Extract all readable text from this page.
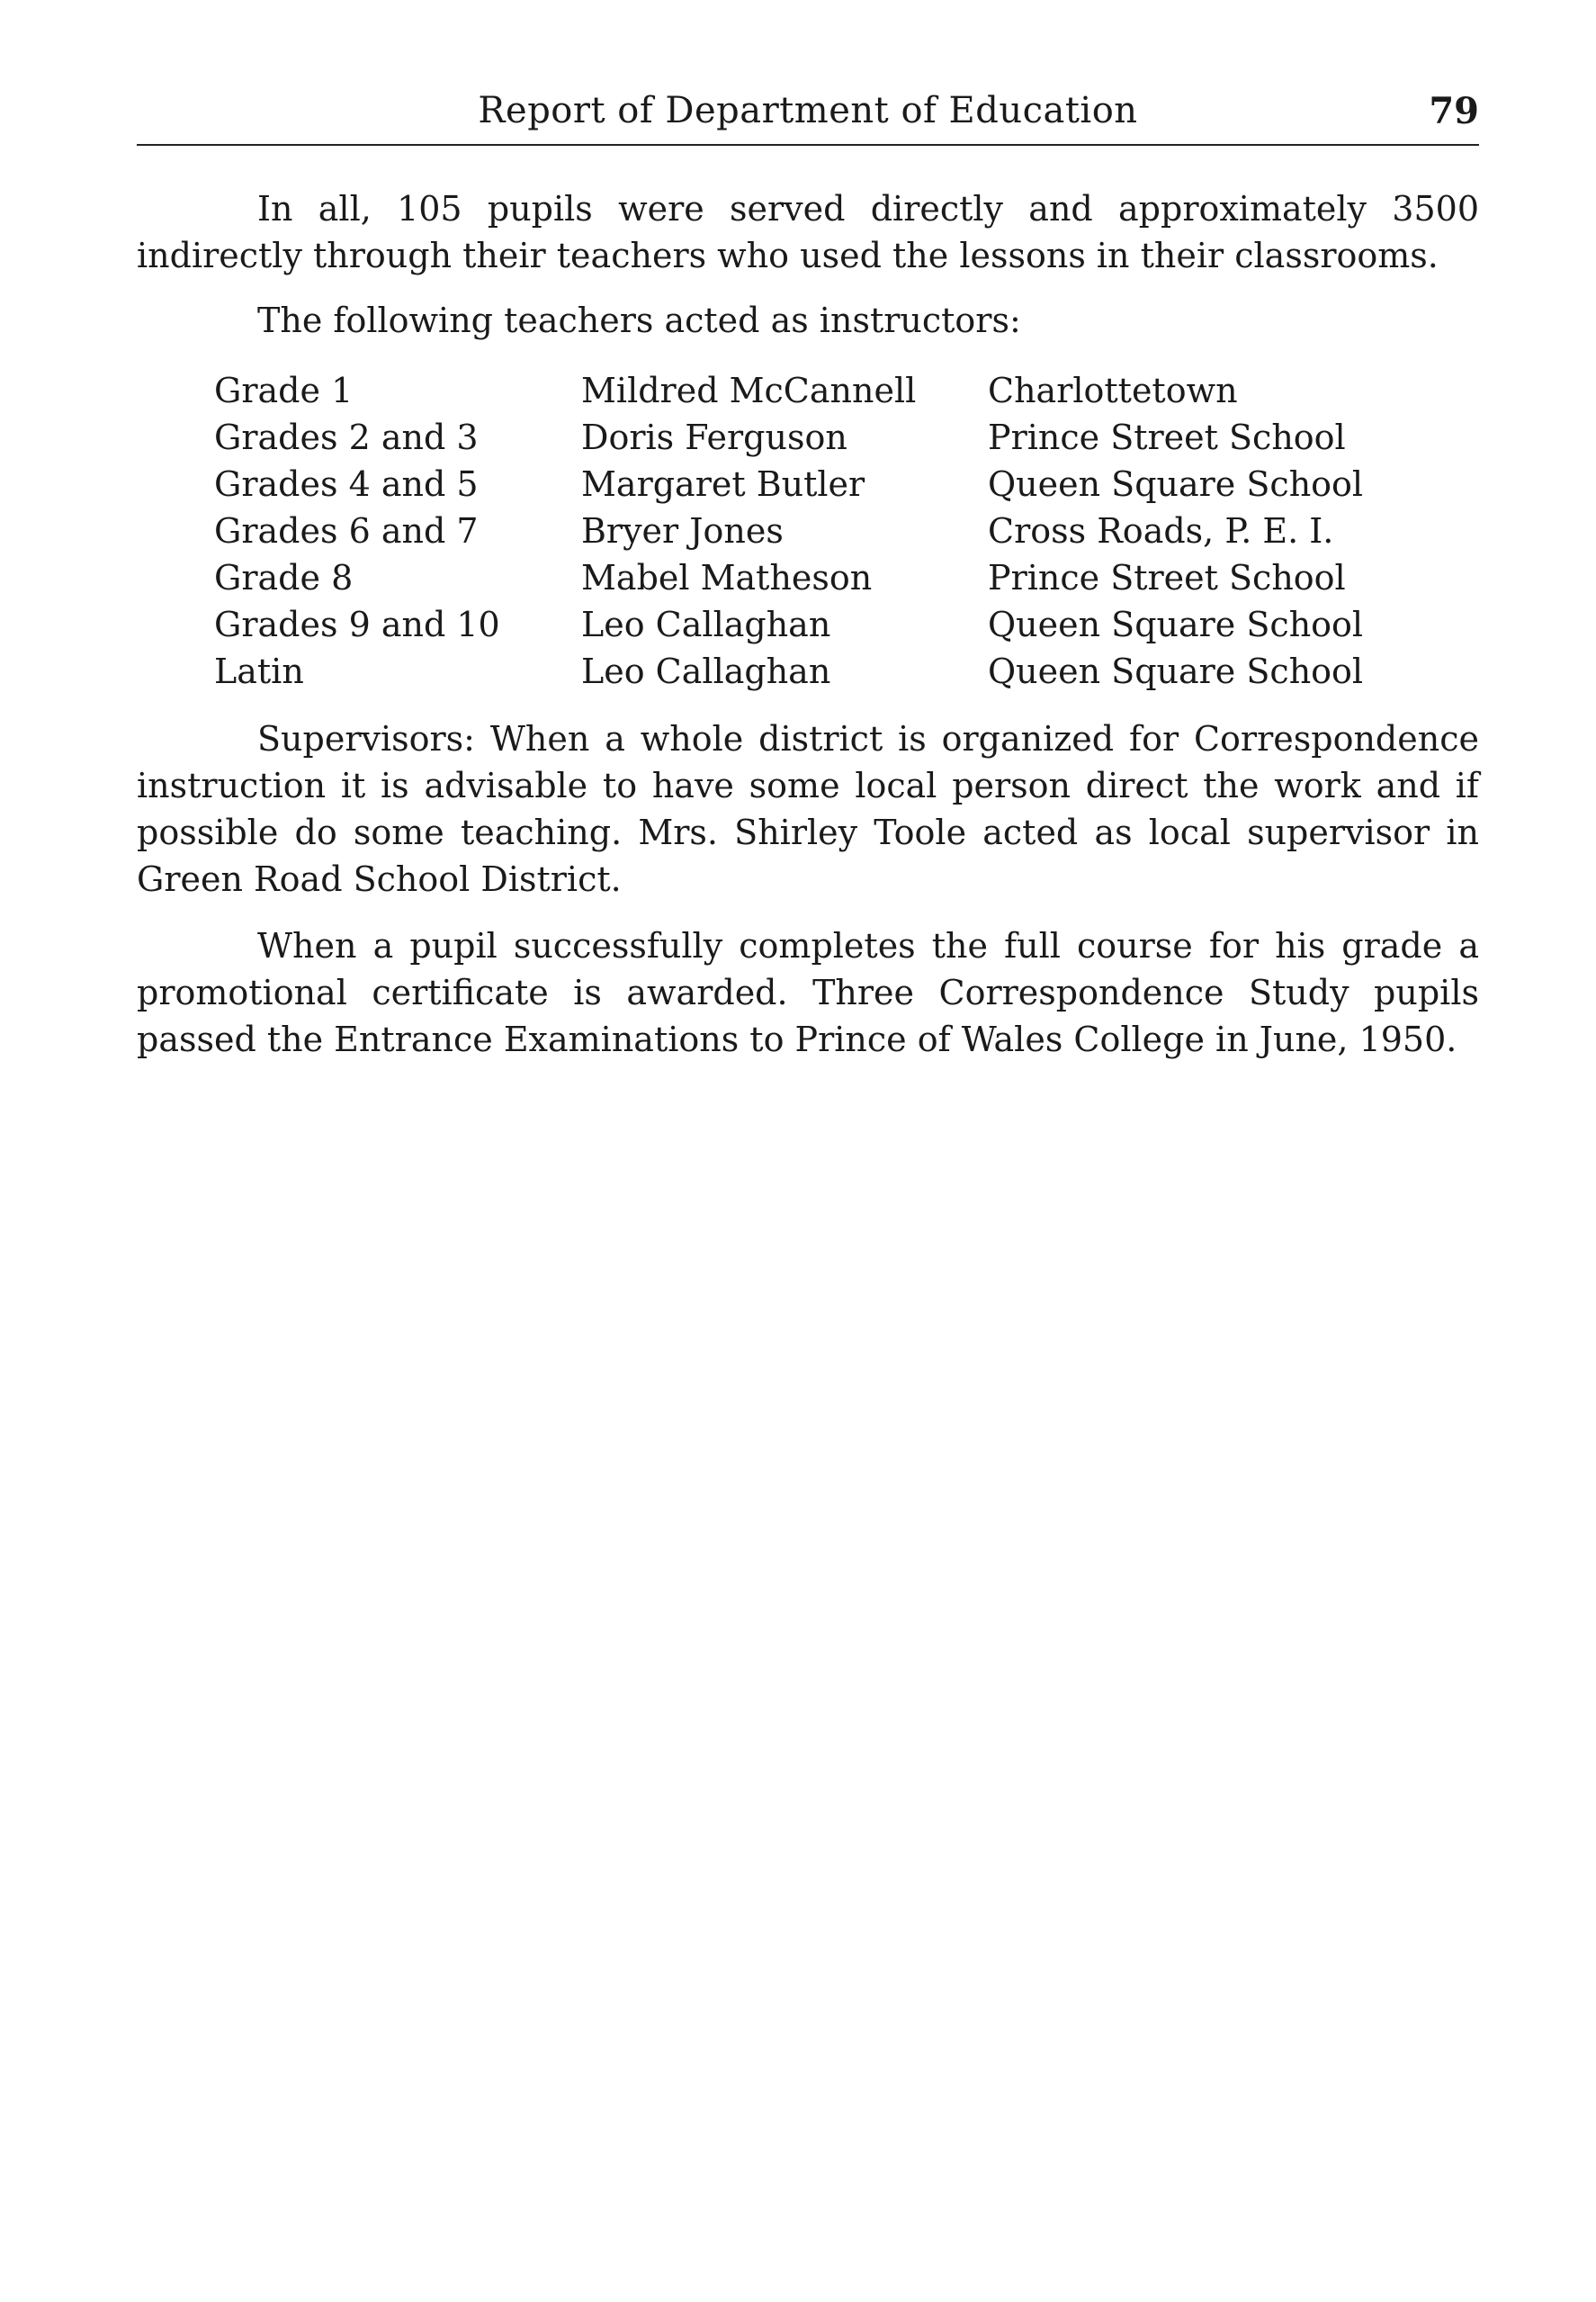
Report of Department of Education	79

In all, 105 pupils were served directly and approximately 3500 indirectly through their teachers who used the lessons in their classrooms.

The following teachers acted as instructors:

Grade 1	Mildred McCannell	Charlottetown
Grades 2 and 3	Doris Ferguson	Prince Street School
Grades 4 and 5	Margaret Butler	Queen Square School
Grades 6 and 7	Bryer Jones	Cross Roads, P. E. I.
Grade 8	Mabel Matheson	Prince Street School
Grades 9 and 10	Leo Callaghan	Queen Square School
Latin	Leo Callaghan	Queen Square School

Supervisors: When a whole district is organized for Correspondence instruction it is advisable to have some local person direct the work and if possible do some teaching. Mrs. Shirley Toole acted as local supervisor in Green Road School District.

When a pupil successfully completes the full course for his grade a promotional certificate is awarded. Three Correspondence Study pupils passed the Entrance Examinations to Prince of Wales College in June, 1950.
